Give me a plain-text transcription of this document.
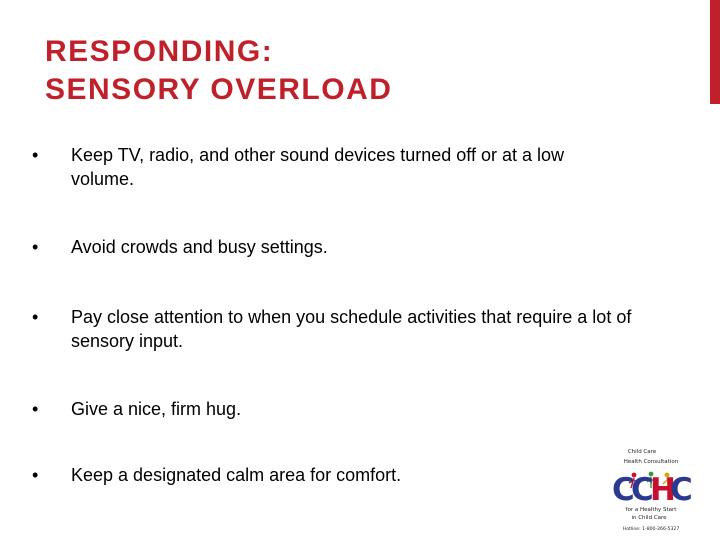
RESPONDING:
SENSORY OVERLOAD
• Keep TV, radio, and other sound devices turned off or at a low volume.
• Avoid crowds and busy settings.
• Pay close attention to when you schedule activities that require a lot of sensory input.
• Give a nice, firm hug.
• Keep a designated calm area for comfort.
Child Care
Health Consultation
C
C
H
C
for a Healthy Start
in Child Care
Hotline: 1-800-266-5327
